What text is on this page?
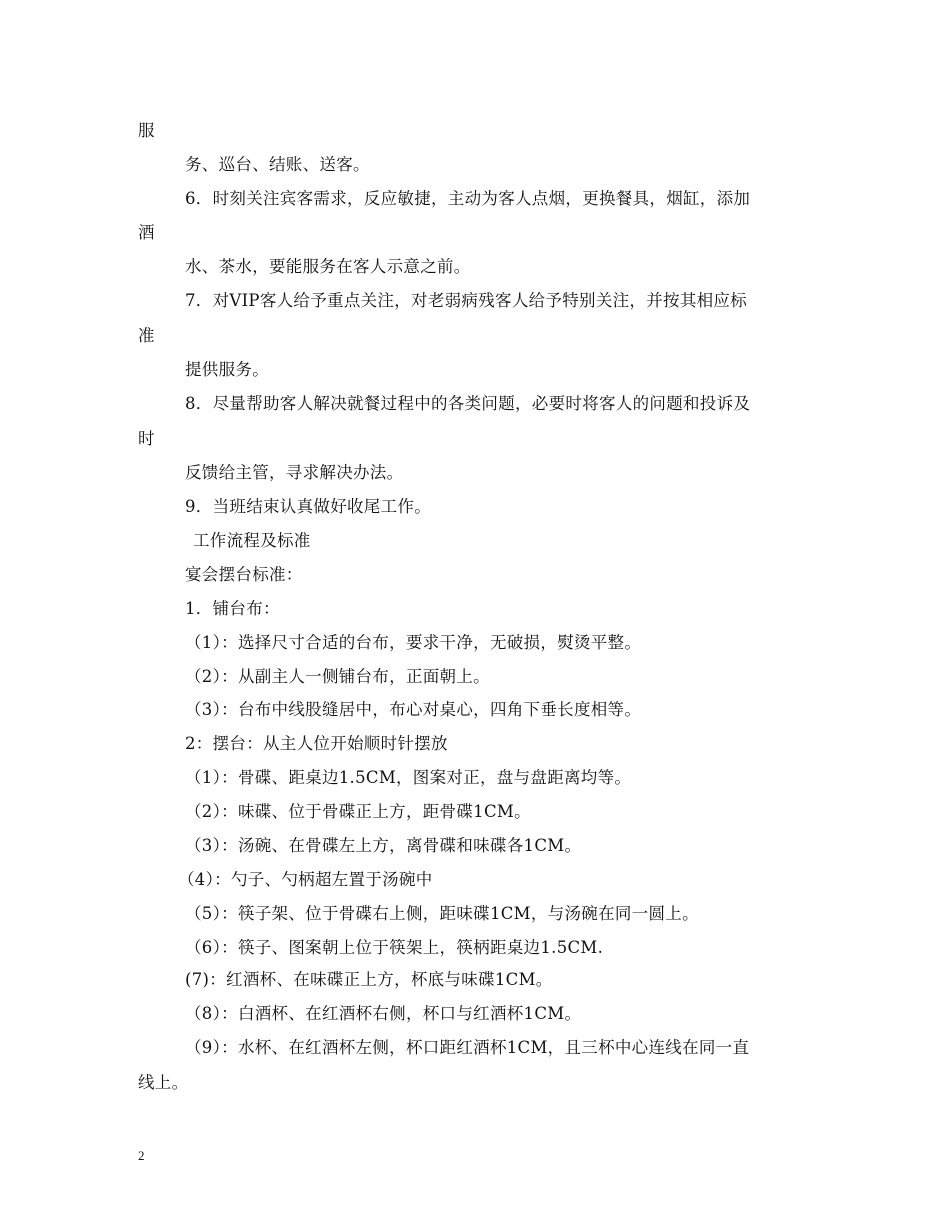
服
务、巡台、结账、送客。
6．时刻关注宾客需求，反应敏捷，主动为客人点烟，更换餐具，烟缸，添加
酒
水、茶水，要能服务在客人示意之前。
7．对VIP客人给予重点关注，对老弱病残客人给予特别关注，并按其相应标
准
提供服务。
8．尽量帮助客人解决就餐过程中的各类问题，必要时将客人的问题和投诉及
时
反馈给主管，寻求解决办法。
9．当班结束认真做好收尾工作。
工作流程及标准
宴会摆台标准：
1．铺台布：
（1）：选择尺寸合适的台布，要求干净，无破损，熨烫平整。
（2）：从副主人一侧铺台布，正面朝上。
（3）：台布中线股缝居中，布心对桌心，四角下垂长度相等。
2：摆台：从主人位开始顺时针摆放
（1）：骨碟、距桌边1.5CM，图案对正，盘与盘距离均等。
（2）：味碟、位于骨碟正上方，距骨碟1CM。
（3）：汤碗、在骨碟左上方，离骨碟和味碟各1CM。
（4）：勺子、勺柄超左置于汤碗中
（5）：筷子架、位于骨碟右上侧，距味碟1CM，与汤碗在同一圆上。
（6）：筷子、图案朝上位于筷架上，筷柄距桌边1.5CM.
(7)：红酒杯、在味碟正上方，杯底与味碟1CM。
（8）：白酒杯、在红酒杯右侧，杯口与红酒杯1CM。
（9）：水杯、在红酒杯左侧，杯口距红酒杯1CM，且三杯中心连线在同一直
线上。
2
